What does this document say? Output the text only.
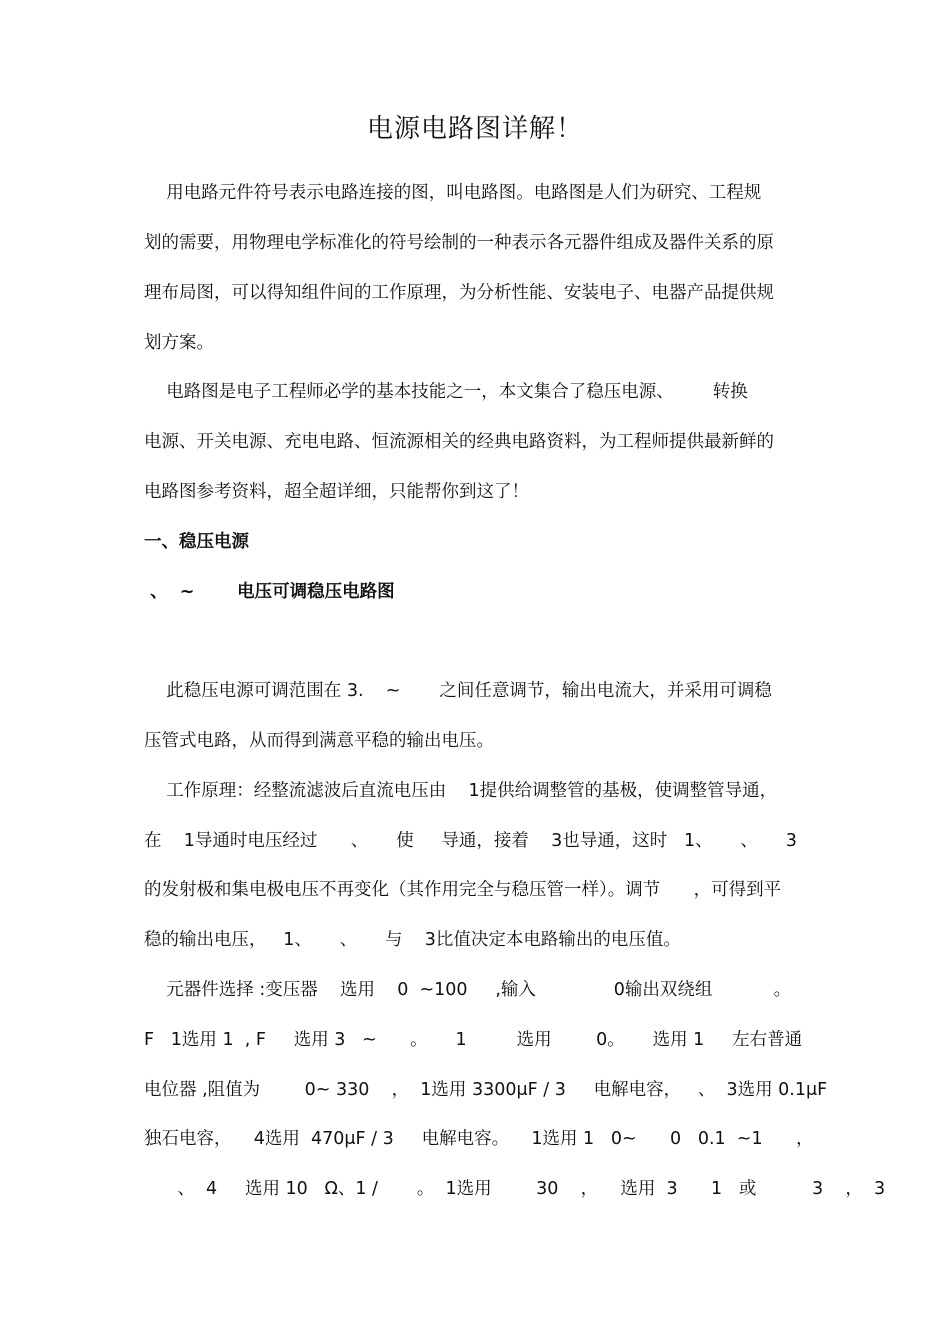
电源电路图详解！
用电路元件符号表示电路连接的图，叫电路图。电路图是人们为研究、工程规
划的需要，用物理电学标准化的符号绘制的一种表示各元器件组成及器件关系的原
理布局图，可以得知组件间的工作原理，为分析性能、安装电子、电器产品提供规
划方案。
电路图是电子工程师必学的基本技能之一，本文集合了稳压电源、       转换
电源、开关电源、充电电路、恒流源相关的经典电路资料，为工程师提供最新鲜的
电路图参考资料，超全超详细，只能帮你到这了！
一、稳压电源
、  ~       电压可调稳压电路图
此稳压电源可调范围在 3.    ~       之间任意调节，输出电流大，并采用可调稳
压管式电路，从而得到满意平稳的输出电压。
工作原理：经整流滤波后直流电压由    1提供给调整管的基极，使调整管导通，
在    1导通时电压经过      、     使     导通，接着    3也导通，这时   1、     、     3
的发射极和集电极电压不再变化（其作用完全与稳压管一样）。调节      ，可得到平
稳的输出电压，   1、     、     与    3比值决定本电路输出的电压值。
元器件选择 :变压器    选用    0  ~100     ,输入              0输出双绕组           。
F   1选用 1  , F     选用 3   ~      。     1         选用        0。     选用 1     左右普通
电位器 ,阻值为        0~ 330    ，  1选用 3300μF / 3     电解电容，   、  3选用 0.1μF
独石电容，    4选用  470μF / 3     电解电容。    1选用 1   0~      0   0.1  ~1      ，
、  4     选用 10   Ω、1 /       。  1选用        30    ，    选用  3      1   或          3    ，  3
